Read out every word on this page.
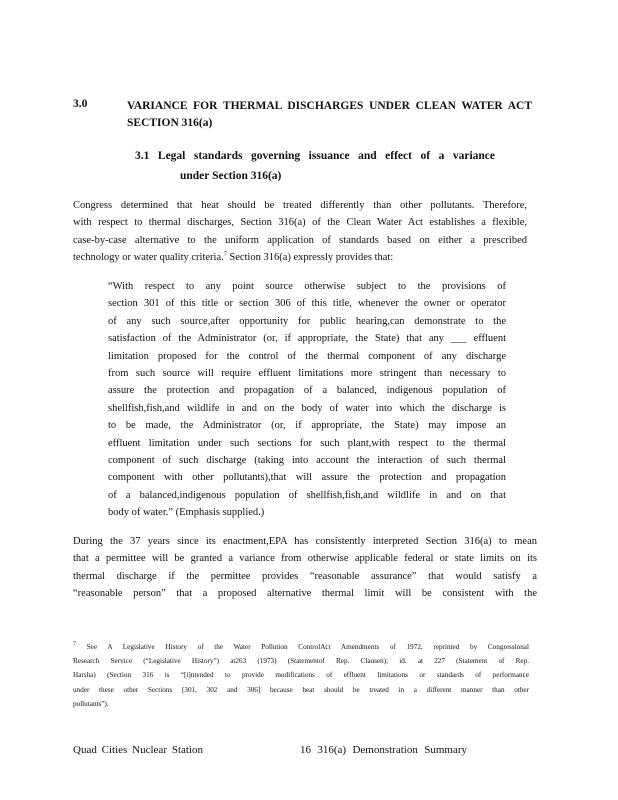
3.0	VARIANCE FOR THERMAL DISCHARGES UNDER CLEAN WATER ACT
SECTION 316(a)
3.1 Legal standards governing issuance and effect of a variance
under Section 316(a)
Congress determined that heat should be treated differently than other pollutants. Therefore,
with respect to thermal discharges, Section 316(a) of the Clean Water Act establishes a flexible,
case-by-case alternative to the uniform application of standards based on either a prescribed
technology or water quality criteria.$^7$ Section 316(a) expressly provides that:
“With respect to any point source otherwise subject to the provisions of
section 301 of this title or section 306 of this title, whenever the owner or operator
of any such source,after opportunity for public hearing,can demonstrate to the
satisfaction of the Administrator (or, if appropriate, the State) that any ___ effluent
limitation proposed for the control of the thermal component of any discharge
from such source will require effluent limitations more stringent than necessary to
assure the protection and propagation of a balanced, indigenous population of
shellfish,fish,and wildlife in and on the body of water into which the discharge is
to be made, the Administrator (or, if appropriate, the State) may impose an
effluent limitation under such sections for such plant,with respect to the thermal
component of such discharge (taking into account the interaction of such thermal
component with other pollutants),that will assure the protection and propagation
of a balanced,indigenous population of shellfish,fish,and wildlife in and on that
body of water.” (Emphasis supplied.)
During the 37 years since its enactment,EPA has consistently interpreted Section 316(a) to mean
that a permittee will be granted a variance from otherwise applicable federal or state limits on its
thermal discharge if the permittee provides “reasonable assurance” that would satisfy a
“reasonable person” that a proposed alternative thermal limit will be consistent with the
$^7$ See A Legislative History of the Water Pollution ControlAct Amendments of 1972, reprinted by Congressional
Research Service (“Legislative History”) at263 (1973) (Statementof Rep. Clausen); id. at 227 (Statement of Rep.
Harsha) (Section 316 is “[i]ntended to provide modifications of effluent limitations or standards of performance
under these other Sections [301, 302 and 306] because heat should be treated in a different manner than other
pollutants”).
Quad Cities Nuclear Station	16 316(a) Demonstration Summary
